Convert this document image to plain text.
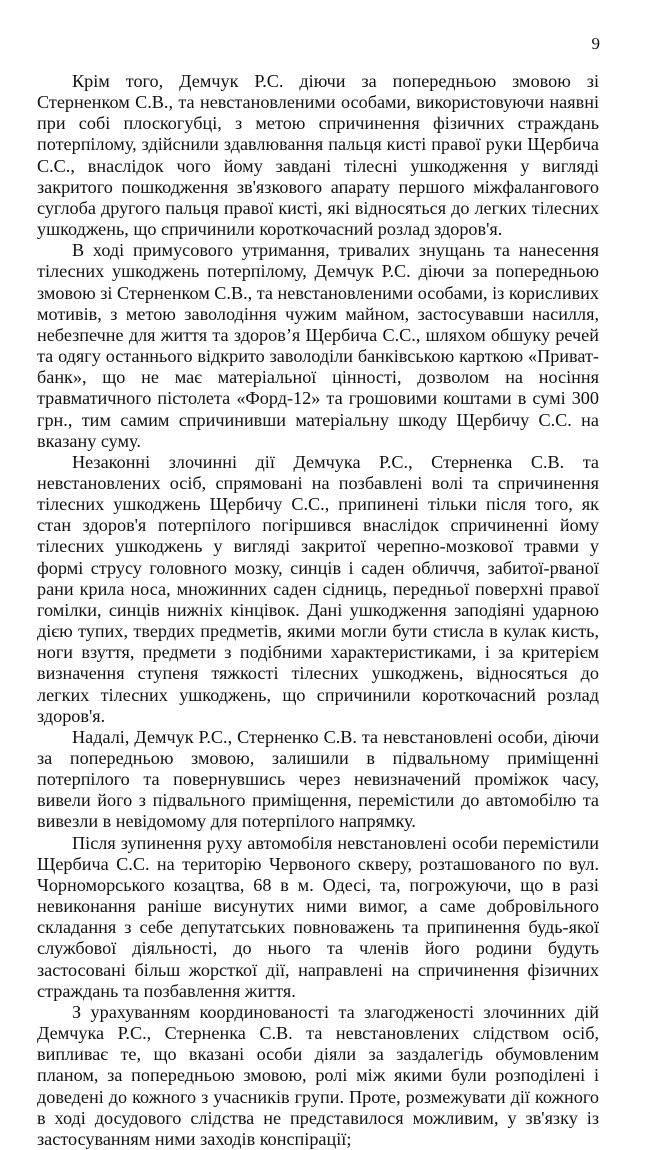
9

Крім того, Демчук Р.С. діючи за попередньою змовою зі Стерненком С.В., та невстановленими особами, використовуючи наявні при собі плоскогубці, з метою спричинення фізичних страждань потерпілому, здійснили здавлювання пальця кисті правої руки Щербича С.С., внаслідок чого йому завдані тілесні ушкодження у вигляді закритого пошкодження зв'язкового апарату першого міжфалангового суглоба другого пальця правої кисті, які відносяться до легких тілесних ушкоджень, що спричинили короткочасний розлад здоров'я.

В ході примусового утримання, тривалих знущань та нанесення тілесних ушкоджень потерпілому, Демчук Р.С. діючи за попередньою змовою зі Стерненком С.В., та невстановленими особами, із корисливих мотивів, з метою заволодіння чужим майном, застосувавши насилля, небезпечне для життя та здоров’я Щербича С.С., шляхом обшуку речей та одягу останнього відкрито заволоділи банківською карткою «Приват-банк», що не має матеріальної цінності, дозволом на носіння травматичного пістолета «Форд-12» та грошовими коштами в сумі 300 грн., тим самим спричинивши матеріальну шкоду Щербичу С.С. на вказану суму.

Незаконні злочинні дії Демчука Р.С., Стерненка С.В. та невстановлених осіб, спрямовані на позбавлені волі та спричинення тілесних ушкоджень Щербичу С.С., припинені тільки після того, як стан здоров'я потерпілого погіршився внаслідок спричиненні йому тілесних ушкоджень у вигляді закритої черепно-мозкової травми у формі струсу головного мозку, синців і саден обличчя, забитої-рваної рани крила носа, множинних саден сідниць, передньої поверхні правої гомілки, синців нижніх кінцівок. Дані ушкодження заподіяні ударною дією тупих, твердих предметів, якими могли бути стисла в кулак кисть, ноги взуття, предмети з подібними характеристиками, і за критерієм визначення ступеня тяжкості тілесних ушкоджень, відносяться до легких тілесних ушкоджень, що спричинили короткочасний розлад здоров'я.

Надалі, Демчук Р.С., Стерненко С.В. та невстановлені особи, діючи за попередньою змовою, залишили в підвальному приміщенні потерпілого та повернувшись через невизначений проміжок часу, вивели його з підвального приміщення, перемістили до автомобілю та вивезли в невідомому для потерпілого напрямку.

Після зупинення руху автомобіля невстановлені особи перемістили Щербича С.С. на територію Червоного скверу, розташованого по вул. Чорноморського козацтва, 68 в м. Одесі, та, погрожуючи, що в разі невиконання раніше висунутих ними вимог, а саме добровільного складання з себе депутатських повноважень та припинення будь-якої службової діяльності, до нього та членів його родини будуть застосовані більш жорсткої дії, направлені на спричинення фізичних страждань та позбавлення життя.

З урахуванням координованості та злагодженості злочинних дій Демчука Р.С., Стерненка С.В. та невстановлених слідством осіб, випливає те, що вказані особи діяли за заздалегідь обумовленим планом, за попередньою змовою, ролі між якими були розподілені і доведені до кожного з учасників групи. Проте, розмежувати дії кожного в ході досудового слідства не представилося можливим, у зв'язку із застосуванням ними заходів конспірації;
